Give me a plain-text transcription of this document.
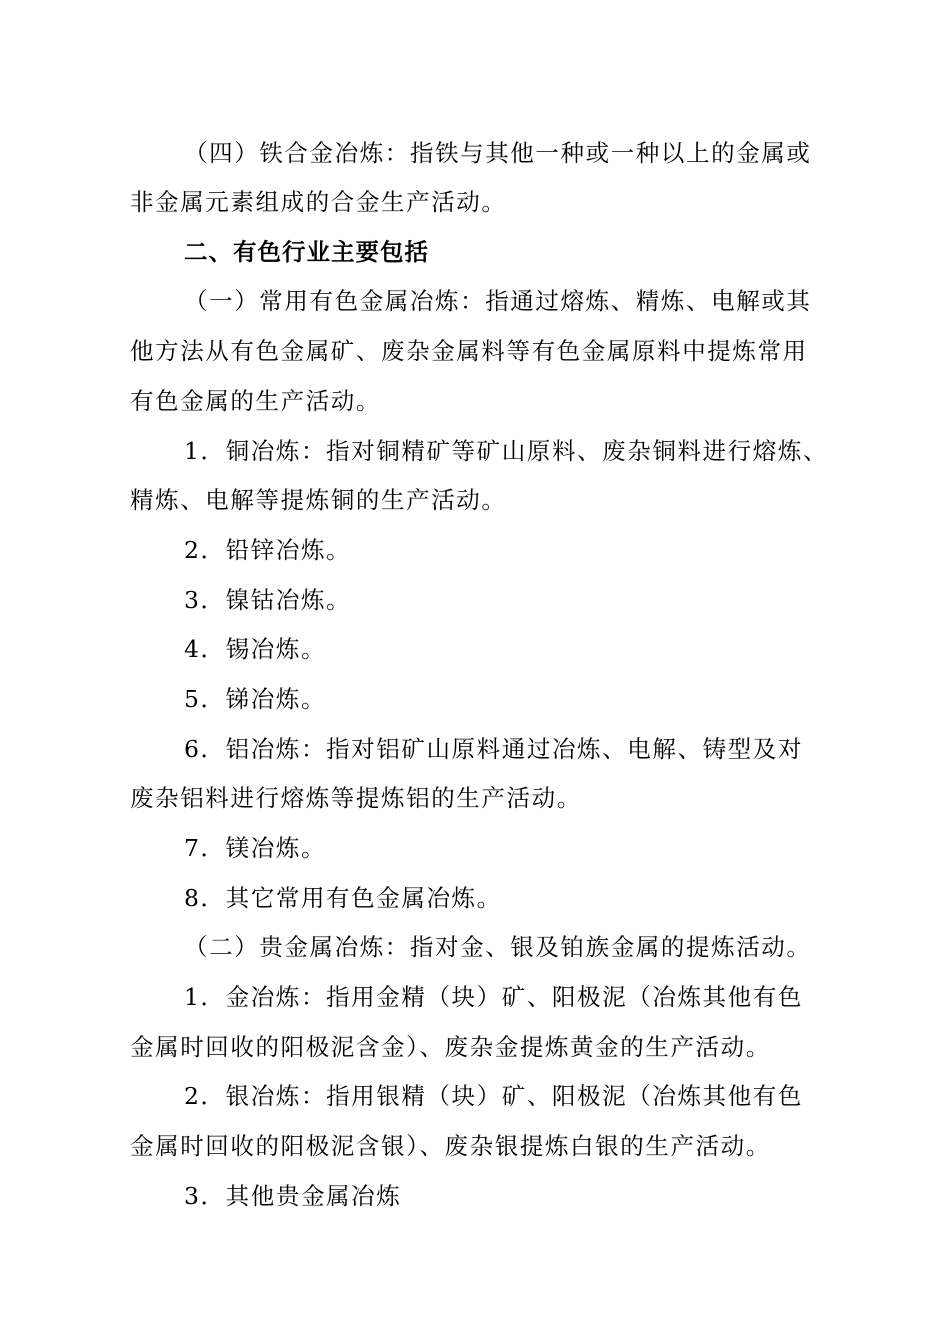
（四）铁合金冶炼：指铁与其他一种或一种以上的金属或
非金属元素组成的合金生产活动。
二、有色行业主要包括
（一）常用有色金属冶炼：指通过熔炼、精炼、电解或其
他方法从有色金属矿、废杂金属料等有色金属原料中提炼常用
有色金属的生产活动。
1．铜冶炼：指对铜精矿等矿山原料、废杂铜料进行熔炼、
精炼、电解等提炼铜的生产活动。
2．铅锌冶炼。
3．镍钴冶炼。
4．锡冶炼。
5．锑冶炼。
6．铝冶炼：指对铝矿山原料通过冶炼、电解、铸型及对
废杂铝料进行熔炼等提炼铝的生产活动。
7．镁冶炼。
8．其它常用有色金属冶炼。
（二）贵金属冶炼：指对金、银及铂族金属的提炼活动。
1．金冶炼：指用金精（块）矿、阳极泥（冶炼其他有色
金属时回收的阳极泥含金）、废杂金提炼黄金的生产活动。
2．银冶炼：指用银精（块）矿、阳极泥（冶炼其他有色
金属时回收的阳极泥含银）、废杂银提炼白银的生产活动。
3．其他贵金属冶炼
